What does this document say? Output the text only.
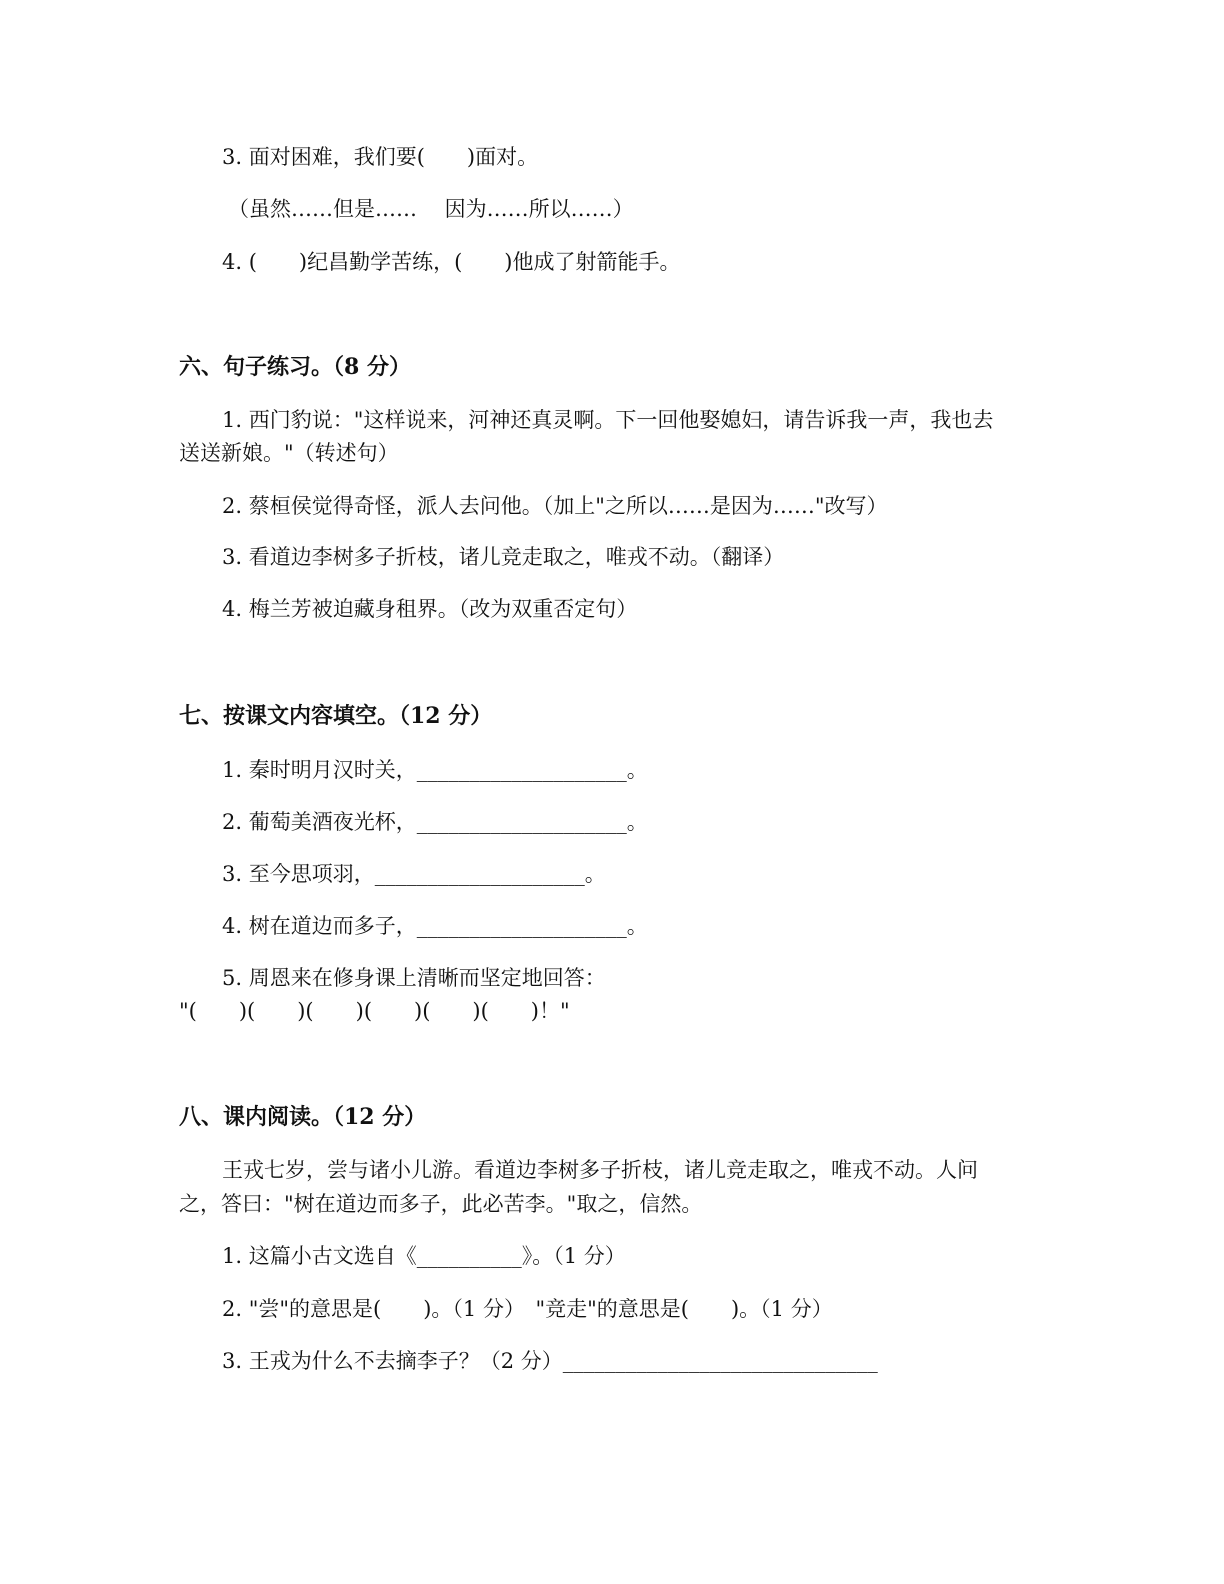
3. 面对困难，我们要(　　)面对。
（虽然……但是……　 因为……所以……）
4. (　　)纪昌勤学苦练，(　　)他成了射箭能手。
六、句子练习。（8 分）
1. 西门豹说："这样说来，河神还真灵啊。下一回他娶媳妇，请告诉我一声，我也去
送送新娘。"（转述句）
2. 蔡桓侯觉得奇怪，派人去问他。（加上"之所以……是因为……"改写）
3. 看道边李树多子折枝，诸儿竞走取之，唯戎不动。（翻译）
4. 梅兰芳被迫藏身租界。（改为双重否定句）
七、按课文内容填空。（12 分）
1. 秦时明月汉时关，____________________。
2. 葡萄美酒夜光杯，____________________。
3. 至今思项羽，____________________。
4. 树在道边而多子，____________________。
5. 周恩来在修身课上清晰而坚定地回答：
"(　　)(　　)(　　)(　　)(　　)(　　)！"
八、课内阅读。（12 分）
王戎七岁，尝与诸小儿游。看道边李树多子折枝，诸儿竞走取之，唯戎不动。人问
之，答曰："树在道边而多子，此必苦李。"取之，信然。
1. 这篇小古文选自《__________》。（1 分）
2. "尝"的意思是(　　)。（1 分）　"竞走"的意思是(　　)。（1 分）
3. 王戎为什么不去摘李子？（2 分）______________________________
